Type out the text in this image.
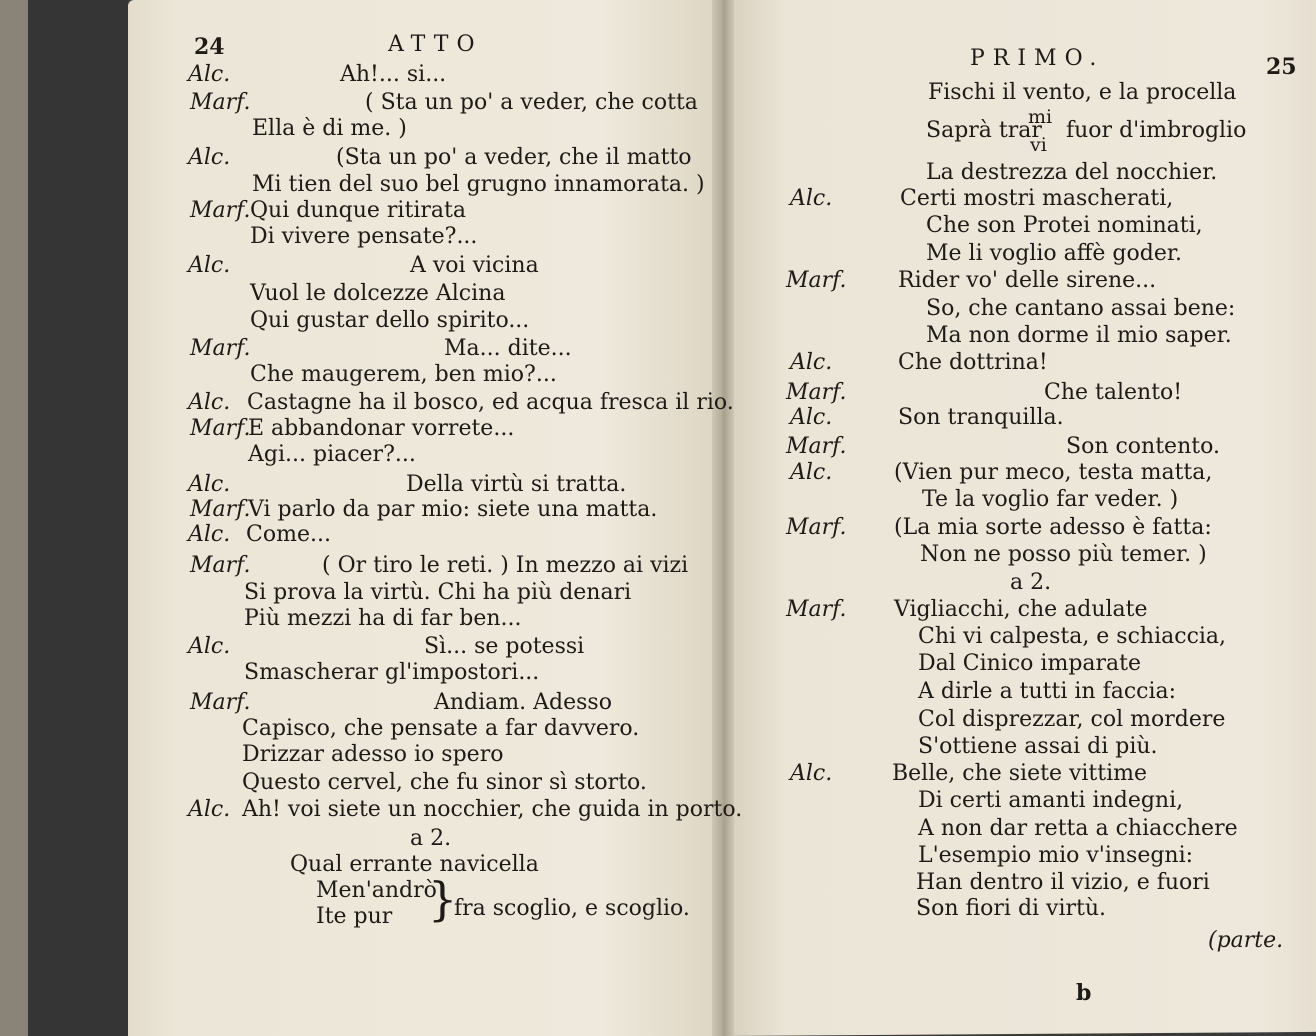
24	ATTO
PRIMO.	25
Alc.	Ah!... si...
Marf.	( Sta un po' a veder, che cotta
Ella è di me. )
Alc.	(Sta un po' a veder, che il matto
Mi tien del suo bel grugno innamorata. )
Marf. Qui dunque ritirata
Di vivere pensate?...
Alc.	A voi vicina
Vuol le dolcezze Alcina
Qui gustar dello spirito...
Marf.	Ma... dite...
Che maugerem, ben mio?...
Alc. Castagne ha il bosco, ed acqua fresca il rio.
Marf.
E abbandonar vorrete...
Agi... piacer?...
Alc.	Della virtù si tratta.
Marf.
Vi parlo da par mio: siete una matta.
Alc. Come...
Marf.	( Or tiro le reti. ) In mezzo ai vizi
Si prova la virtù. Chi ha più denari
Più mezzi ha di far ben...
Alc.	Sì... se potessi
Smascherar gl'impostori...
Marf.	Andiam. Adesso
Capisco, che pensate a far davvero.
Drizzar adesso io spero
Questo cervel, che fu sinor sì storto.
Alc. Ah! voi siete un nocchier, che guida in porto.
a 2.
Qual errante navicella
Fischi il vento, e la procella
La destrezza del nocchier.
Alc.	Certi mostri mascherati,
Che son Protei nominati,
Me li voglio affè goder.
Marf. Rider vo' delle sirene...
So, che cantano assai bene:
Ma non dorme il mio saper.
Alc.	Che dottrina!
Marf.	Che talento!
Alc.	Son tranquilla.
Marf.	Son contento.
Alc.	(Vien pur meco, testa matta,
Te la voglio far veder. )
Marf. (La mia sorte adesso è fatta:
Non ne posso più temer. )
a 2.
Marf. Vigliacchi, che adulate
Chi vi calpesta, e schiaccia,
Dal Cinico imparate
A dirle a tutti in faccia:
Col disprezzar, col mordere
S'ottiene assai di più.
Alc.	Belle, che siete vittime
Di certi amanti indegni,
A non dar retta a chiacchere
L'esempio mio v'insegni:
Han dentro il vizio, e fuori
Son fiori di virtù.
Men'andrò
Ite pur }
fra scoglio, e scoglio.
Saprà trar
mi
vi
fuor d'imbroglio
(parte.
b
